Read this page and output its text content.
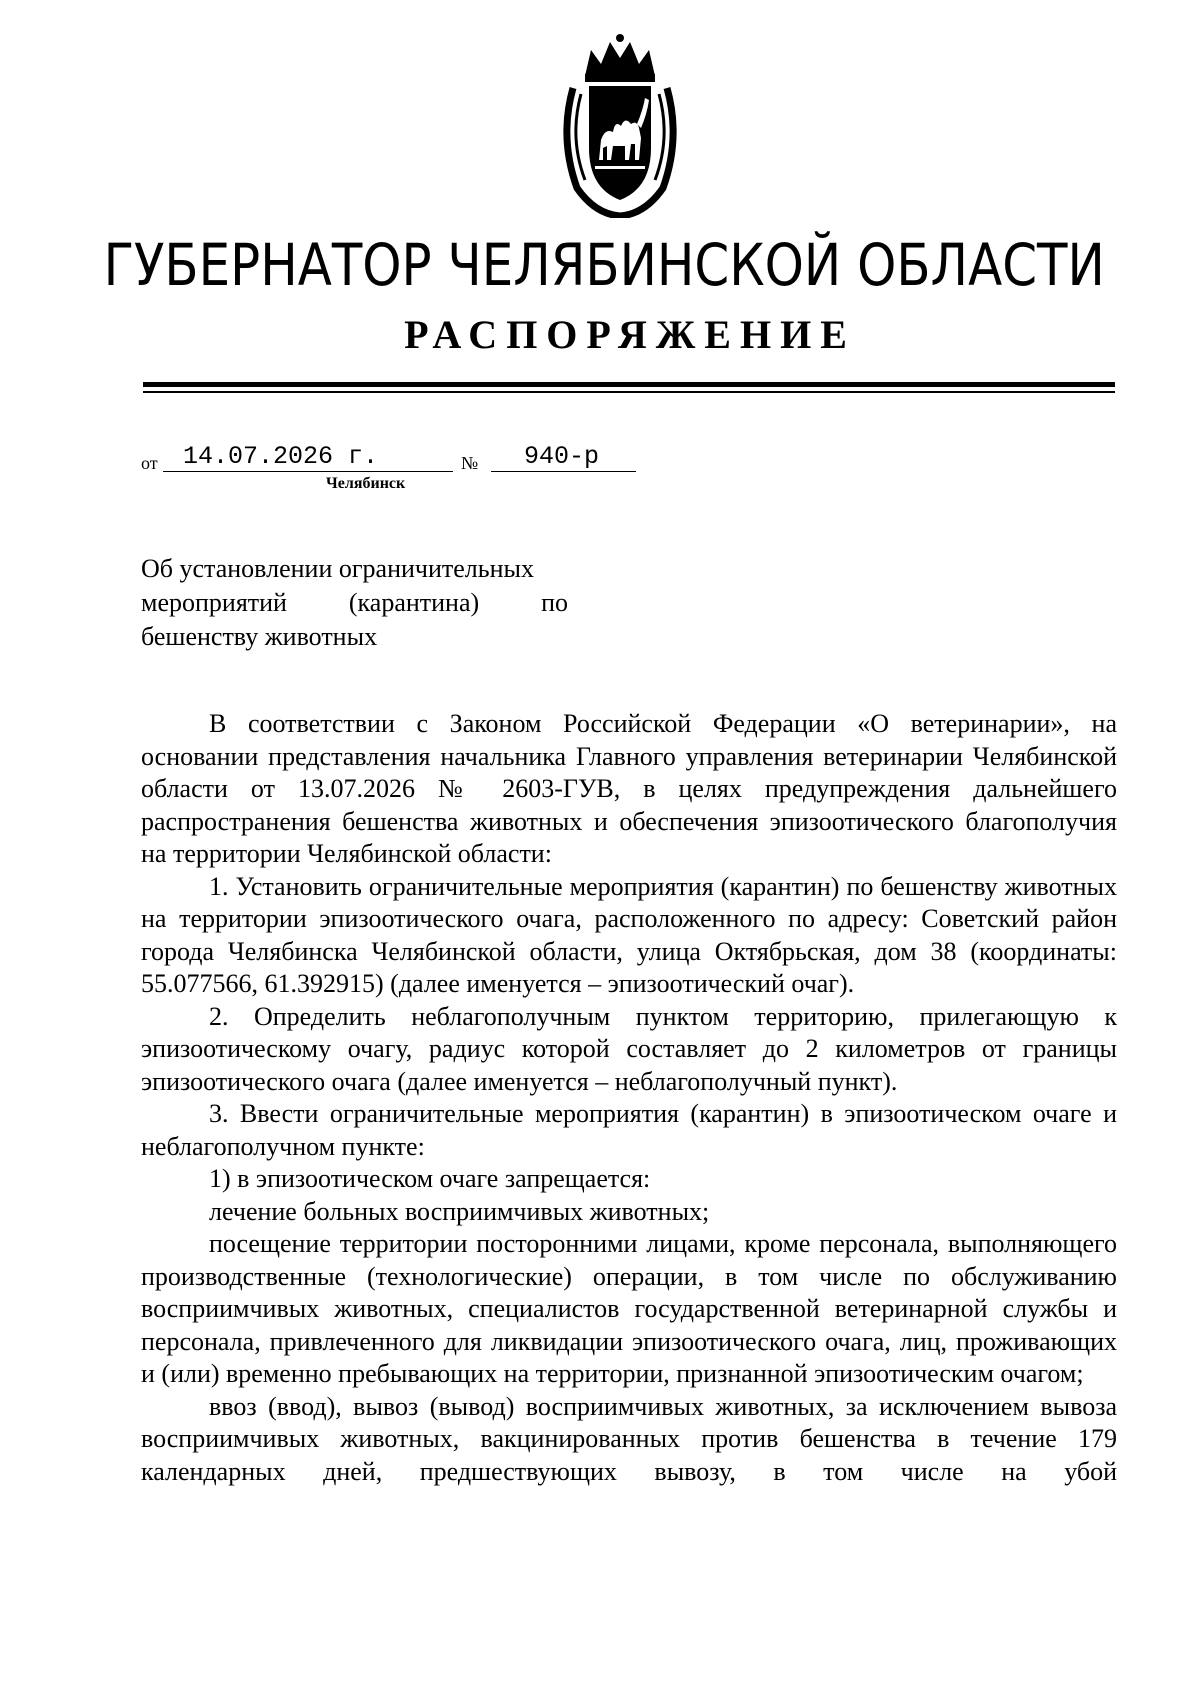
ГУБЕРНАТОР ЧЕЛЯБИНСКОЙ ОБЛАСТИ
РАСПОРЯЖЕНИЕ
от	14.07.2026 г.	№	940-р
Челябинск
Об установлении ограничительных
мероприятий (карантина) по
бешенству животных

В соответствии с Законом Российской Федерации «О ветеринарии», на основании представления начальника Главного управления ветеринарии Челябинской области от 13.07.2026 № 2603-ГУВ, в целях предупреждения дальнейшего распространения бешенства животных и обеспечения эпизоотического благополучия на территории Челябинской области:

1. Установить ограничительные мероприятия (карантин) по бешенству животных на территории эпизоотического очага, расположенного по адресу: Советский район города Челябинска Челябинской области, улица Октябрьская, дом 38 (координаты: 55.077566, 61.392915) (далее именуется – эпизоотический очаг).

2. Определить неблагополучным пунктом территорию, прилегающую к эпизоотическому очагу, радиус которой составляет до 2 километров от границы эпизоотического очага (далее именуется – неблагополучный пункт).

3. Ввести ограничительные мероприятия (карантин) в эпизоотическом очаге и неблагополучном пункте:

1) в эпизоотическом очаге запрещается:

лечение больных восприимчивых животных;

посещение территории посторонними лицами, кроме персонала, выполняющего производственные (технологические) операции, в том числе по обслуживанию восприимчивых животных, специалистов государственной ветеринарной службы и персонала, привлеченного для ликвидации эпизоотического очага, лиц, проживающих и (или) временно пребывающих на территории, признанной эпизоотическим очагом;

ввоз (ввод), вывоз (вывод) восприимчивых животных, за исключением вывоза восприимчивых животных, вакцинированных против бешенства в течение 179 календарных дней, предшествующих вывозу, в том числе на убой
